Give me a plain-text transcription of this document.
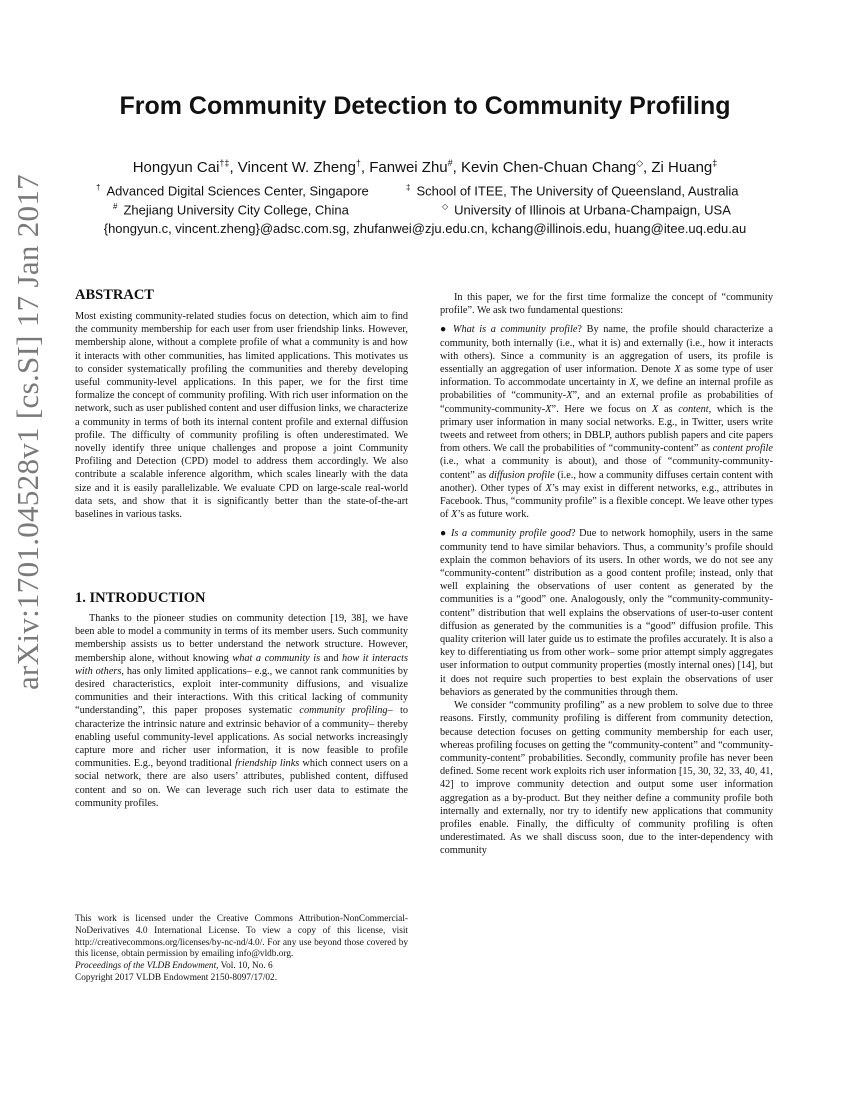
arXiv:1701.04528v1 [cs.SI] 17 Jan 2017
From Community Detection to Community Profiling
Hongyun Cai†‡, Vincent W. Zheng†, Fanwei Zhu#, Kevin Chen-Chuan Chang◇, Zi Huang‡
† Advanced Digital Sciences Center, Singapore	‡ School of ITEE, The University of Queensland, Australia
# Zhejiang University City College, China	◇ University of Illinois at Urbana-Champaign, USA
{hongyun.c, vincent.zheng}@adsc.com.sg, zhufanwei@zju.edu.cn, kchang@illinois.edu, huang@itee.uq.edu.au
ABSTRACT

Most existing community-related studies focus on detection, which aim to find the community membership for each user from user friendship links. However, membership alone, without a complete profile of what a community is and how it interacts with other communities, has limited applications. This motivates us to consider systematically profiling the communities and thereby developing useful community-level applications. In this paper, we for the first time formalize the concept of community profiling. With rich user information on the network, such as user published content and user diffusion links, we characterize a community in terms of both its internal content profile and external diffusion profile. The difficulty of community profiling is often underestimated. We novelly identify three unique challenges and propose a joint Community Profiling and Detection (CPD) model to address them accordingly. We also contribute a scalable inference algorithm, which scales linearly with the data size and it is easily parallelizable. We evaluate CPD on large-scale real-world data sets, and show that it is significantly better than the state-of-the-art baselines in various tasks.

1. INTRODUCTION

Thanks to the pioneer studies on community detection [19, 38], we have been able to model a community in terms of its member users. Such community membership assists us to better understand the network structure. However, membership alone, without knowing what a community is and how it interacts with others, has only limited applications– e.g., we cannot rank communities by desired characteristics, exploit inter-community diffusions, and visualize communities and their interactions. With this critical lacking of community “understanding”, this paper proposes systematic community profiling– to characterize the intrinsic nature and extrinsic behavior of a community– thereby enabling useful community-level applications. As social networks increasingly capture more and richer user information, it is now feasible to profile communities. E.g., beyond traditional friendship links which connect users on a social network, there are also users’ attributes, published content, diffused content and so on. We can leverage such rich user data to estimate the community profiles.

This work is licensed under the Creative Commons Attribution-NonCommercial-NoDerivatives 4.0 International License. To view a copy of this license, visit http://creativecommons.org/licenses/by-nc-nd/4.0/. For any use beyond those covered by this license, obtain permission by emailing info@vldb.org.

Proceedings of the VLDB Endowment, Vol. 10, No. 6

Copyright 2017 VLDB Endowment 2150-8097/17/02.

In this paper, we for the first time formalize the concept of “community profile”. We ask two fundamental questions:

● What is a community profile? By name, the profile should characterize a community, both internally (i.e., what it is) and externally (i.e., how it interacts with others). Since a community is an aggregation of users, its profile is essentially an aggregation of user information. Denote X as some type of user information. To accommodate uncertainty in X, we define an internal profile as probabilities of “community-X”, and an external profile as probabilities of “community-community-X”. Here we focus on X as content, which is the primary user information in many social networks. E.g., in Twitter, users write tweets and retweet from others; in DBLP, authors publish papers and cite papers from others. We call the probabilities of “community-content” as content profile (i.e., what a community is about), and those of “community-community-content” as diffusion profile (i.e., how a community diffuses certain content with another). Other types of X’s may exist in different networks, e.g., attributes in Facebook. Thus, “community profile” is a flexible concept. We leave other types of X’s as future work.

● Is a community profile good? Due to network homophily, users in the same community tend to have similar behaviors. Thus, a community’s profile should explain the common behaviors of its users. In other words, we do not see any “community-content” distribution as a good content profile; instead, only that well explaining the observations of user content as generated by the communities is a “good” one. Analogously, only the “community-community-content” distribution that well explains the observations of user-to-user content diffusion as generated by the communities is a “good” diffusion profile. This quality criterion will later guide us to estimate the profiles accurately. It is also a key to differentiating us from other work– some prior attempt simply aggregates user information to output community properties (mostly internal ones) [14], but it does not require such properties to best explain the observations of user behaviors as generated by the communities through them.

We consider “community profiling” as a new problem to solve due to three reasons. Firstly, community profiling is different from community detection, because detection focuses on getting community membership for each user, whereas profiling focuses on getting the “community-content” and “community-community-content” probabilities. Secondly, community profile has never been defined. Some recent work exploits rich user information [15, 30, 32, 33, 40, 41, 42] to improve community detection and output some user information aggregation as a by-product. But they neither define a community profile both internally and externally, nor try to identify new applications that community profiles enable. Finally, the difficulty of community profiling is often underestimated. As we shall discuss soon, due to the inter-dependency with community
